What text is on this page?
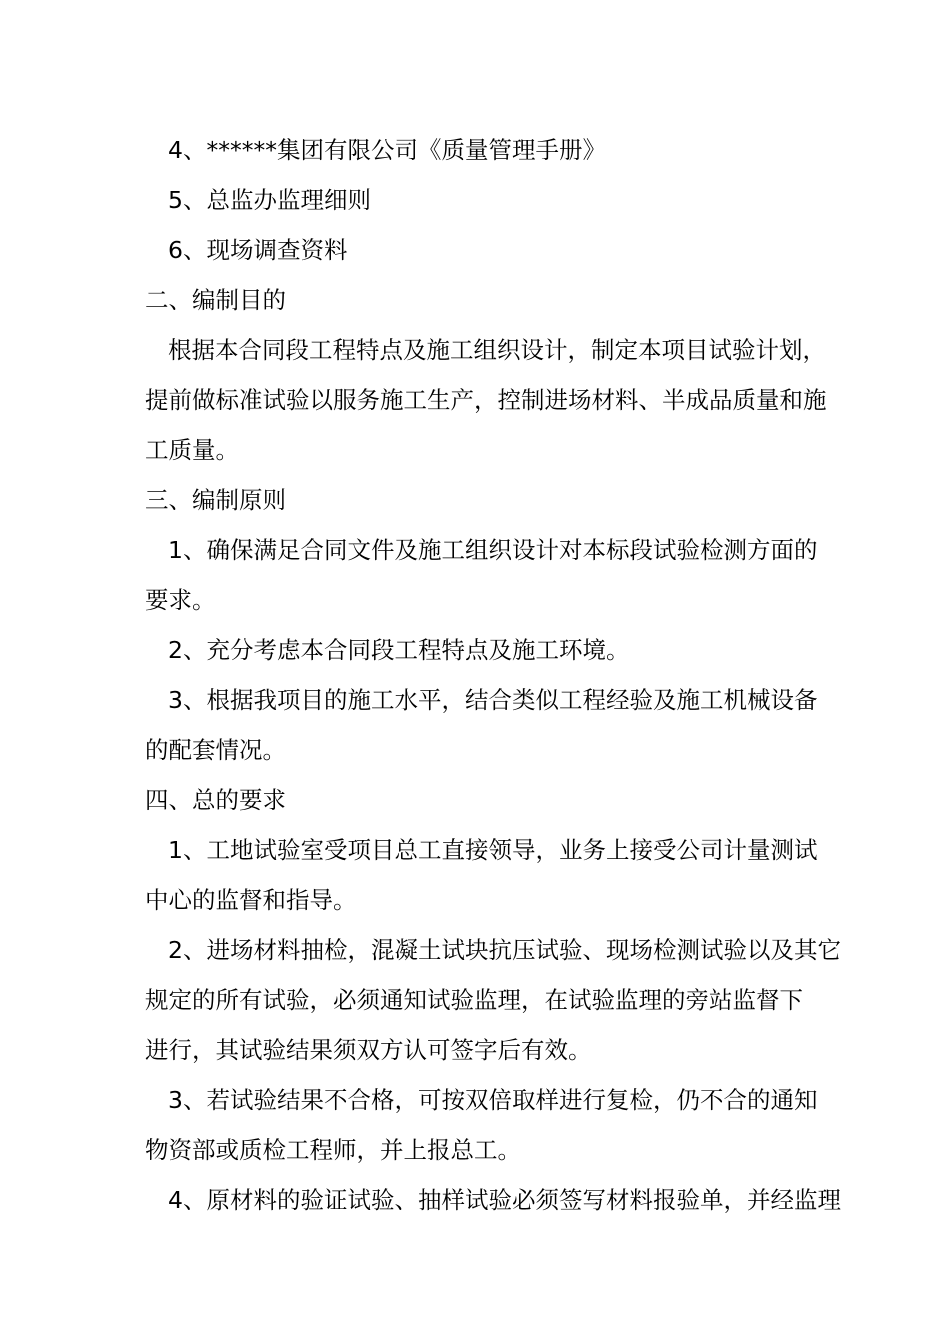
4、******集团有限公司《质量管理手册》
5、总监办监理细则
6、现场调查资料
二、编制目的
根据本合同段工程特点及施工组织设计，制定本项目试验计划，
提前做标准试验以服务施工生产，控制进场材料、半成品质量和施
工质量。
三、编制原则
1、确保满足合同文件及施工组织设计对本标段试验检测方面的
要求。
2、充分考虑本合同段工程特点及施工环境。
3、根据我项目的施工水平，结合类似工程经验及施工机械设备
的配套情况。
四、总的要求
1、工地试验室受项目总工直接领导，业务上接受公司计量测试
中心的监督和指导。
2、进场材料抽检，混凝土试块抗压试验、现场检测试验以及其它
规定的所有试验，必须通知试验监理，在试验监理的旁站监督下
进行，其试验结果须双方认可签字后有效。
3、若试验结果不合格，可按双倍取样进行复检，仍不合的通知
物资部或质检工程师，并上报总工。
4、原材料的验证试验、抽样试验必须签写材料报验单，并经监理
